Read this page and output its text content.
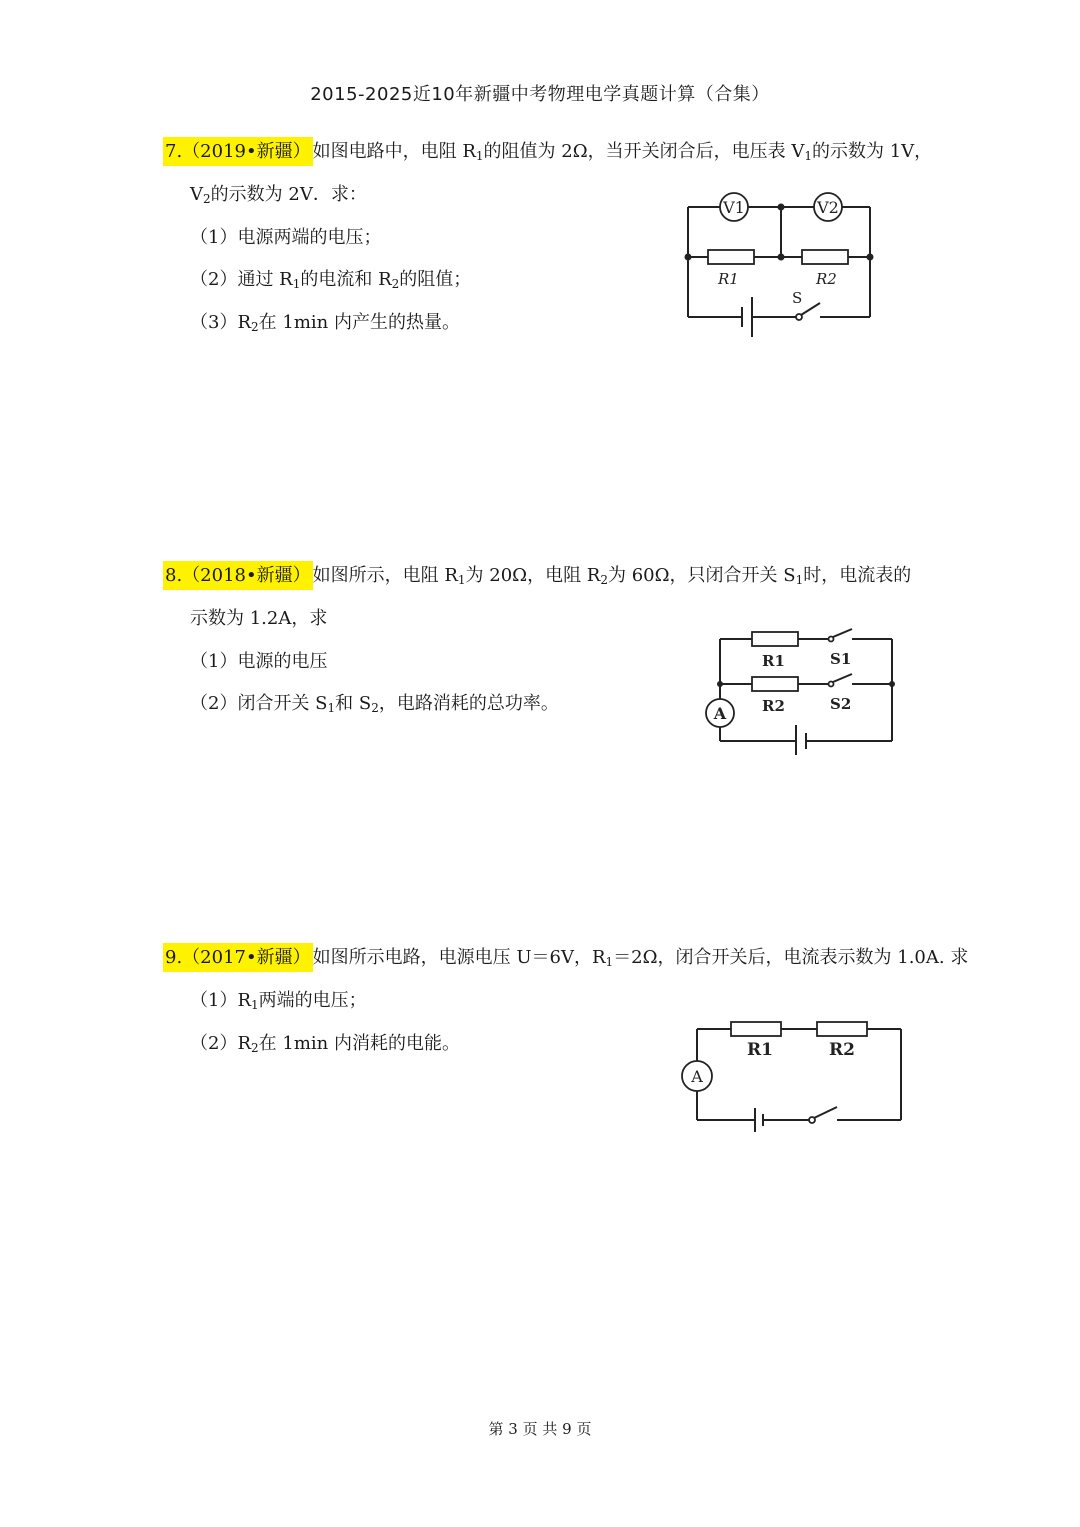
2015-2025近10年新疆中考物理电学真题计算（合集）
7.（2019•新疆） 如图电路中，电阻 $R_1$的阻值为 2Ω，当开关闭合后，电压表 $V_1$的示数为 1V，
$V_2$的示数为 2V．求：
（1）电源两端的电压；
（2）通过 $R_1$的电流和 $R_2$的阻值；
$(3)R_2$在 1min 内产生的热量。
V1	V2
R1	R2
S
8.（2018•新疆） 如图所示，电阻 $R_1$为 20Ω，电阻 $R_2$为 60Ω，只闭合开关 $S_1$时，电流表的
示数为 1.2A，求
（1）电源的电压
（2）闭合开关 $S_1$和 $S_2$，电路消耗的总功率。
R1	S1
R2	S2
A
9.（2017•新疆） 如图所示电路，电源电压 U＝6V，$R_1=2\Omega$，闭合开关后，电流表示数为 1.0A. 求
$(1)R_1$两端的电压；
$(2)R_2$在 1min 内消耗的电能。	R1	R2
A
第 3 页 共 9 页
